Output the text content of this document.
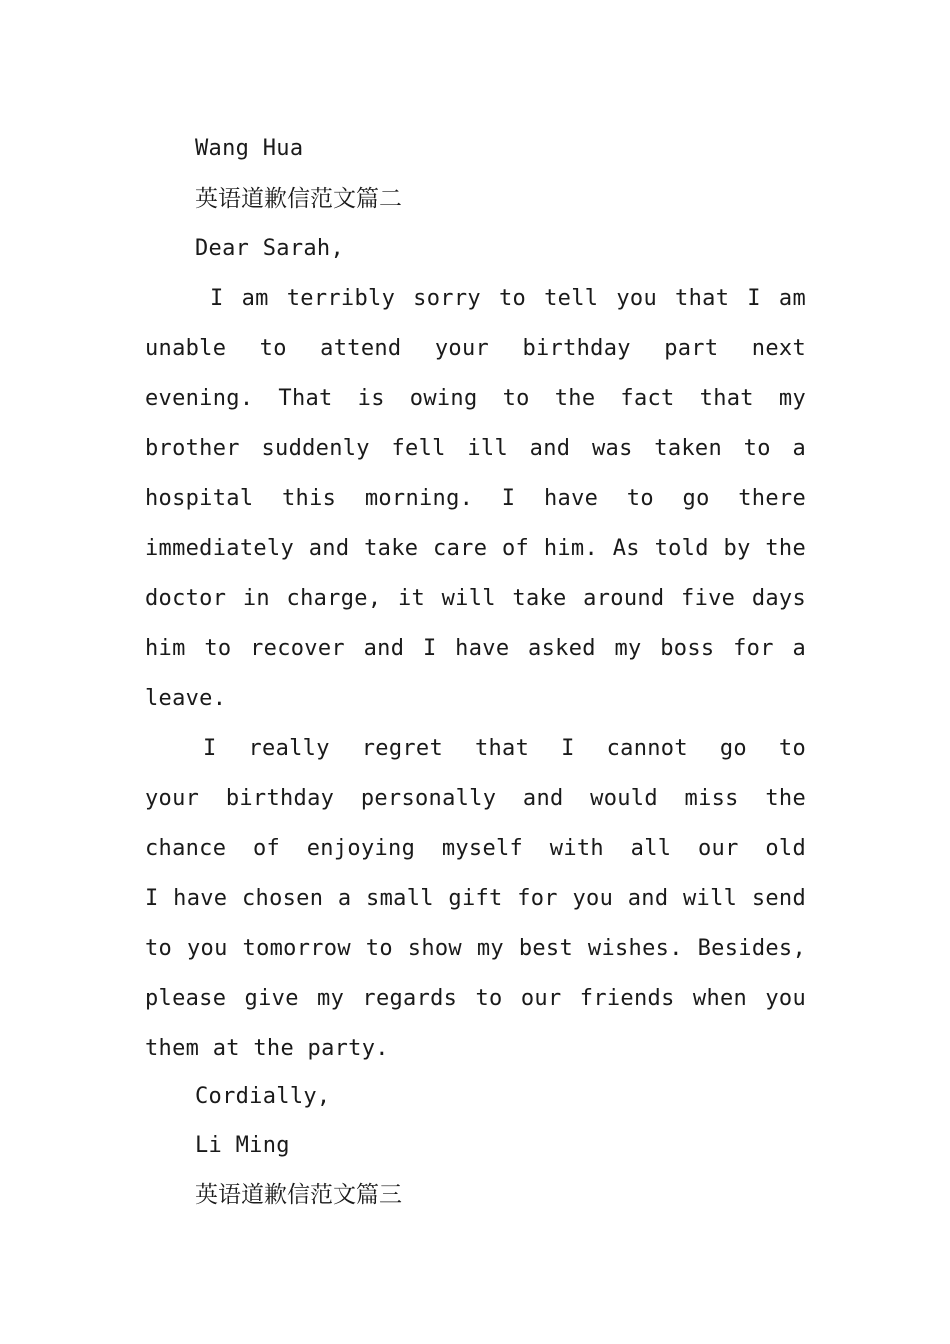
Wang Hua
英语道歉信范文篇二
Dear Sarah,
I am terribly sorry to tell you that I am
unable to attend your birthday part next
evening. That is owing to the fact that my
brother suddenly fell ill and was taken to a
hospital this morning. I have to go there
immediately and take care of him. As told by the
doctor in charge, it will take around five days
him to recover and I have asked my boss for a
leave.
I really regret that I cannot go to
your birthday personally and would miss the
chance of enjoying myself with all our old
I have chosen a small gift for you and will send
to you tomorrow to show my best wishes. Besides,
please give my regards to our friends when you
them at the party.
Cordially,
Li Ming
英语道歉信范文篇三
